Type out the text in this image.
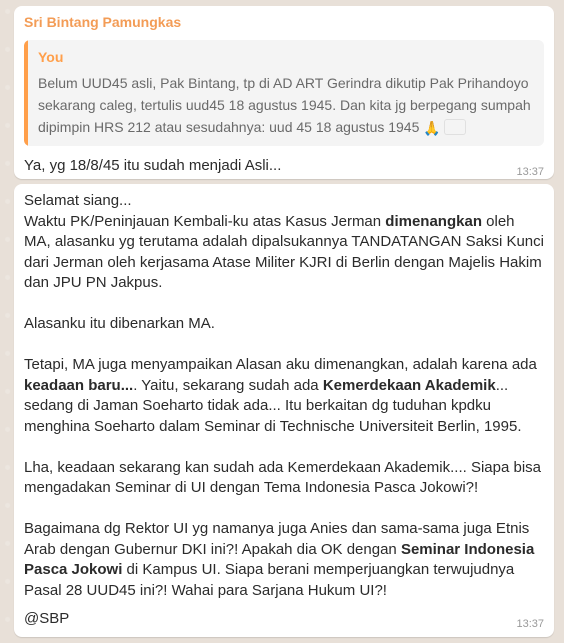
Sri Bintang Pamungkas
You
Belum UUD45 asli, Pak Bintang, tp di AD ART Gerindra dikutip Pak Prihandoyo sekarang caleg, tertulis uud45 18 agustus 1945. Dan kita jg berpegang sumpah dipimpin HRS 212 atau sesudahnya: uud 45 18 agustus 1945 🙏
Ya, yg 18/8/45 itu sudah menjadi Asli...	13:37
Selamat siang...
Waktu PK/Peninjauan Kembali-ku atas Kasus Jerman dimenangkan oleh MA, alasanku yg terutama adalah dipalsukannya TANDATANGAN Saksi Kunci dari Jerman oleh kerjasama Atase Militer KJRI di Berlin dengan Majelis Hakim dan JPU PN Jakpus.
Alasanku itu dibenarkan MA.
Tetapi, MA juga menyampaikan Alasan aku dimenangkan, adalah karena ada keadaan baru.... Yaitu, sekarang sudah ada Kemerdekaan Akademik... sedang di Jaman Soeharto tidak ada... Itu berkaitan dg tuduhan kpdku menghina Soeharto dalam Seminar di Technische Universiteit Berlin, 1995.
Lha, keadaan sekarang kan sudah ada Kemerdekaan Akademik.... Siapa bisa mengadakan Seminar di UI dengan Tema Indonesia Pasca Jokowi?!
Bagaimana dg Rektor UI yg namanya juga Anies dan sama-sama juga Etnis Arab dengan Gubernur DKI ini?! Apakah dia OK dengan Seminar Indonesia Pasca Jokowi di Kampus UI. Siapa berani memperjuangkan terwujudnya Pasal 28 UUD45 ini?! Wahai para Sarjana Hukum UI?!
@SBP	13:37
